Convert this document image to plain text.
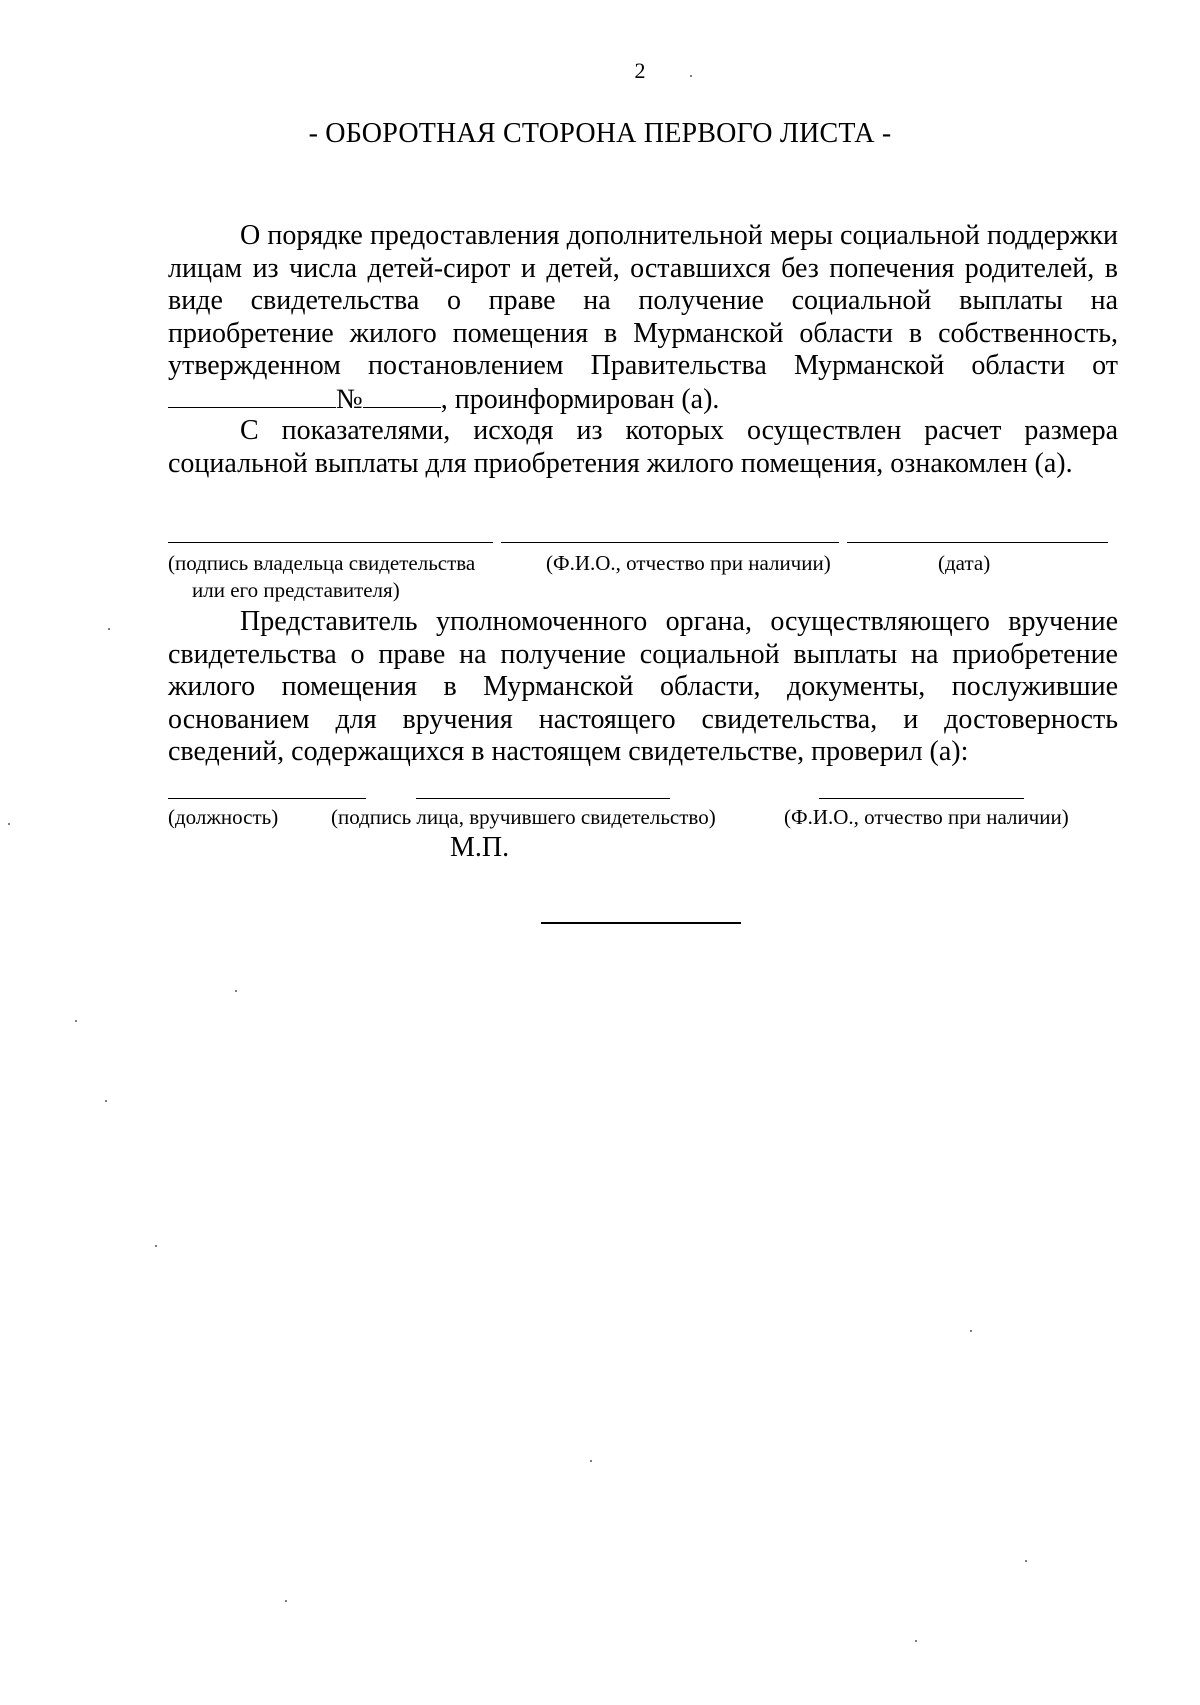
2
- ОБОРОТНАЯ СТОРОНА ПЕРВОГО ЛИСТА -
О порядке предоставления дополнительной меры социальной поддержки лицам из числа детей-сирот и детей, оставшихся без попечения родителей, в виде свидетельства о праве на получение социальной выплаты на приобретение жилого помещения в Мурманской области в собственность, утвержденном постановлением Правительства Мурманской области от№	, проинформирован (а).
С показателями, исходя из которых осуществлен расчет размера социальной выплаты для приобретения жилого помещения, ознакомлен (а).
(подпись владельца свидетельства
или его представителя)
(Ф.И.О., отчество при наличии)	(дата)
Представитель уполномоченного органа, осуществляющего вручение свидетельства о праве на получение социальной выплаты на приобретение жилого помещения в Мурманской области, документы, послужившие основанием для вручения настоящего свидетельства, и достоверность сведений, содержащихся в настоящем свидетельстве, проверил (а):
(должность)	(подпись лица, вручившего свидетельство)	(Ф.И.О., отчество при наличии)
М.П.
